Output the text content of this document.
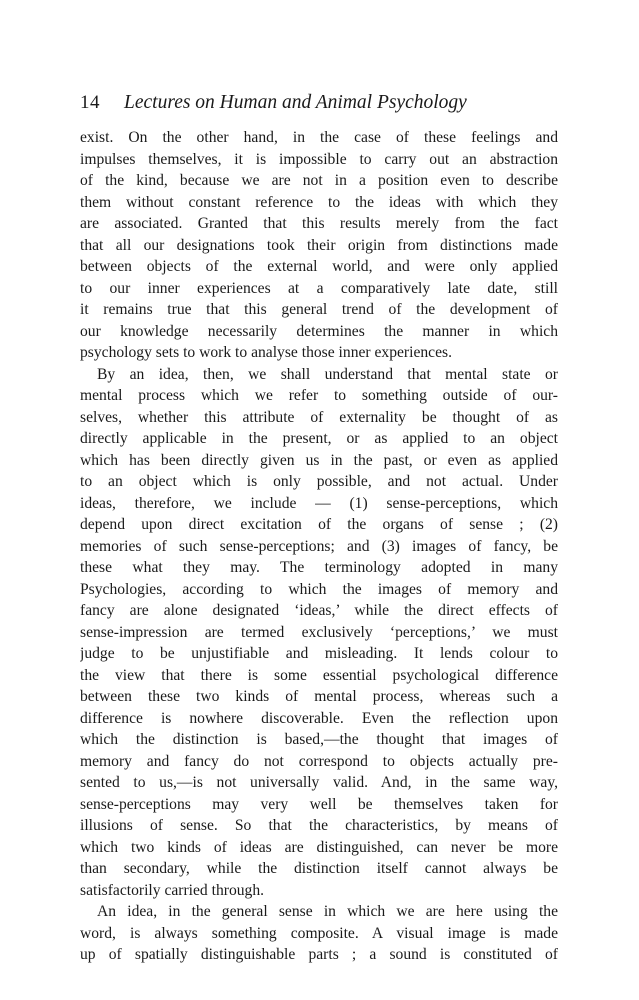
14 Lectures on Human and Animal Psychology
exist. On the other hand, in the case of these feelings and
impulses themselves, it is impossible to carry out an abstraction
of the kind, because we are not in a position even to describe
them without constant reference to the ideas with which they
are associated. Granted that this results merely from the fact
that all our designations took their origin from distinctions made
between objects of the external world, and were only applied
to our inner experiences at a comparatively late date, still
it remains true that this general trend of the development of
our knowledge necessarily determines the manner in which
psychology sets to work to analyse those inner experiences.
By an idea, then, we shall understand that mental state or
mental process which we refer to something outside of our-
selves, whether this attribute of externality be thought of as
directly applicable in the present, or as applied to an object
which has been directly given us in the past, or even as applied
to an object which is only possible, and not actual. Under
ideas, therefore, we include — (1) sense-perceptions, which
depend upon direct excitation of the organs of sense ; (2)
memories of such sense-perceptions; and (3) images of fancy, be
these what they may. The terminology adopted in many
Psychologies, according to which the images of memory and
fancy are alone designated ‘ideas,’ while the direct effects of
sense-impression are termed exclusively ‘perceptions,’ we must
judge to be unjustifiable and misleading. It lends colour to
the view that there is some essential psychological difference
between these two kinds of mental process, whereas such a
difference is nowhere discoverable. Even the reflection upon
which the distinction is based,—the thought that images of
memory and fancy do not correspond to objects actually pre-
sented to us,—is not universally valid. And, in the same way,
sense-perceptions may very well be themselves taken for
illusions of sense. So that the characteristics, by means of
which two kinds of ideas are distinguished, can never be more
than secondary, while the distinction itself cannot always be
satisfactorily carried through.
An idea, in the general sense in which we are here using the
word, is always something composite. A visual image is made
up of spatially distinguishable parts ; a sound is constituted of
